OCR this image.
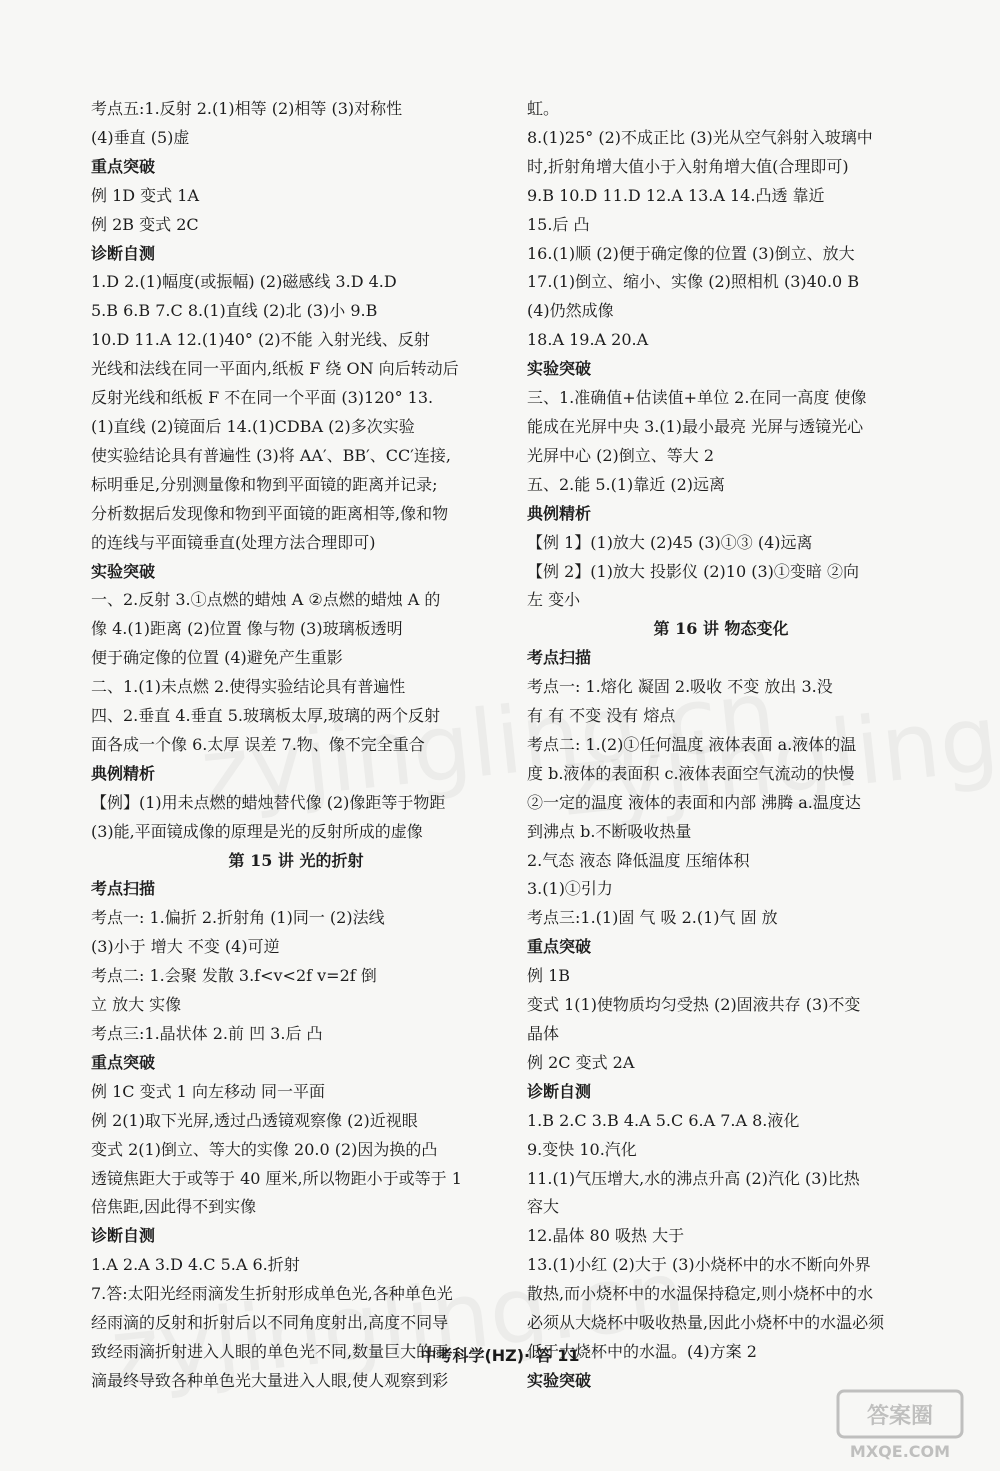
考点五:1.反射 2.(1)相等 (2)相等 (3)对称性
(4)垂直 (5)虚
重点突破
例 1D 变式 1A
例 2B 变式 2C
诊断自测
1.D 2.(1)幅度(或振幅) (2)磁感线 3.D 4.D
5.B 6.B 7.C 8.(1)直线 (2)北 (3)小 9.B
10.D 11.A 12.(1)40° (2)不能 入射光线、反射
光线和法线在同一平面内,纸板 F 绕 ON 向后转动后
反射光线和纸板 F 不在同一个平面 (3)120° 13.
(1)直线 (2)镜面后 14.(1)CDBA (2)多次实验
使实验结论具有普遍性 (3)将 AA′、BB′、CC′连接,
标明垂足,分别测量像和物到平面镜的距离并记录;
分析数据后发现像和物到平面镜的距离相等,像和物
的连线与平面镜垂直(处理方法合理即可)
实验突破
一、2.反射 3.①点燃的蜡烛 A ②点燃的蜡烛 A 的
像 4.(1)距离 (2)位置 像与物 (3)玻璃板透明
便于确定像的位置 (4)避免产生重影
二、1.(1)未点燃 2.使得实验结论具有普遍性
四、2.垂直 4.垂直 5.玻璃板太厚,玻璃的两个反射
面各成一个像 6.太厚 误差 7.物、像不完全重合
典例精析
【例】(1)用未点燃的蜡烛替代像 (2)像距等于物距
(3)能,平面镜成像的原理是光的反射所成的虚像
第 15 讲 光的折射
考点扫描
考点一: 1.偏折 2.折射角 (1)同一 (2)法线
(3)小于 增大 不变 (4)可逆
考点二: 1.会聚 发散 3.f<v<2f v=2f 倒
立 放大 实像
考点三:1.晶状体 2.前 凹 3.后 凸
重点突破
例 1C 变式 1 向左移动 同一平面
例 2(1)取下光屏,透过凸透镜观察像 (2)近视眼
变式 2(1)倒立、等大的实像 20.0 (2)因为换的凸
透镜焦距大于或等于 40 厘米,所以物距小于或等于 1
倍焦距,因此得不到实像
诊断自测
1.A 2.A 3.D 4.C 5.A 6.折射
7.答:太阳光经雨滴发生折射形成单色光,各种单色光
经雨滴的反射和折射后以不同角度射出,高度不同导
致经雨滴折射进入人眼的单色光不同,数量巨大的雨
滴最终导致各种单色光大量进入人眼,使人观察到彩
虹。
8.(1)25° (2)不成正比 (3)光从空气斜射入玻璃中
时,折射角增大值小于入射角增大值(合理即可)
9.B 10.D 11.D 12.A 13.A 14.凸透 靠近
15.后 凸
16.(1)顺 (2)便于确定像的位置 (3)倒立、放大
17.(1)倒立、缩小、实像 (2)照相机 (3)40.0 B
(4)仍然成像
18.A 19.A 20.A
实验突破
三、1.准确值+估读值+单位 2.在同一高度 使像
能成在光屏中央 3.(1)最小最亮 光屏与透镜光心
光屏中心 (2)倒立、等大 2
五、2.能 5.(1)靠近 (2)远离
典例精析
【例 1】(1)放大 (2)45 (3)①③ (4)远离
【例 2】(1)放大 投影仪 (2)10 (3)①变暗 ②向
左 变小
第 16 讲 物态变化
考点扫描
考点一: 1.熔化 凝固 2.吸收 不变 放出 3.没
有 有 不变 没有 熔点
考点二: 1.(2)①任何温度 液体表面 a.液体的温
度 b.液体的表面积 c.液体表面空气流动的快慢
②一定的温度 液体的表面和内部 沸腾 a.温度达
到沸点 b.不断吸收热量
2.气态 液态 降低温度 压缩体积
3.(1)①引力
考点三:1.(1)固 气 吸 2.(1)气 固 放
重点突破
例 1B
变式 1(1)使物质均匀受热 (2)固液共存 (3)不变
晶体
例 2C 变式 2A
诊断自测
1.B 2.C 3.B 4.A 5.C 6.A 7.A 8.液化
9.变快 10.汽化
11.(1)气压增大,水的沸点升高 (2)汽化 (3)比热
容大
12.晶体 80 吸热 大于
13.(1)小红 (2)大于 (3)小烧杯中的水不断向外界
散热,而小烧杯中的水温保持稳定,则小烧杯中的水
必须从大烧杯中吸收热量,因此小烧杯中的水温必须
低于大烧杯中的水温。(4)方案 2
实验突破
中考科学(HZ)· 答 11
答案圈
MXQE.COM
